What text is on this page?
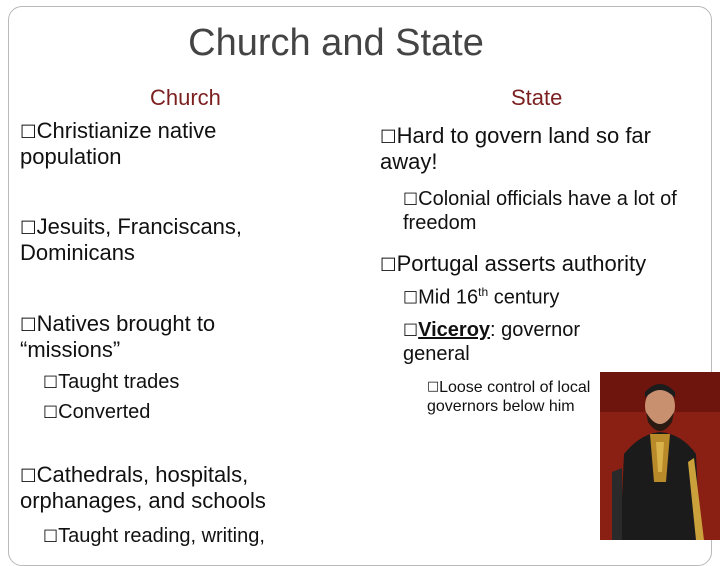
Church and State
Church	State
□Christianize native population
□Jesuits, Franciscans, Dominicans
□Natives brought to “missions”
□Taught trades
□Converted
□Cathedrals, hospitals, orphanages, and schools
□Taught reading, writing,
□Hard to govern land so far away!
□Colonial officials have a lot of freedom
□Portugal asserts authority
□Mid 16th century
□Viceroy: governor general
□Loose control of local governors below him
